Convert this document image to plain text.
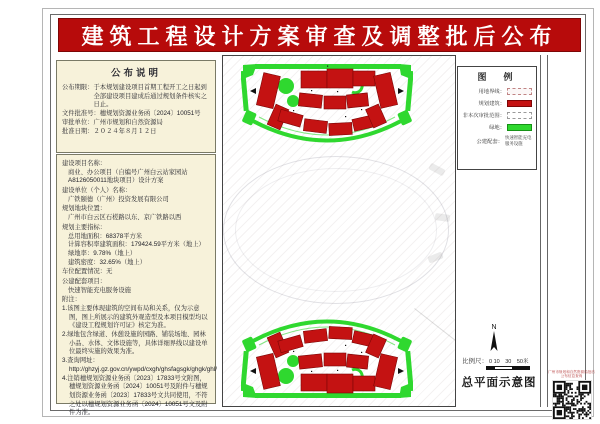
建筑工程设计方案审查及调整批后公布
公布说明
公布期限： 于本规划建设项目首期工程开工之日起到全部建设项目建成后通过规划条件核实之日止。
文件批准号： 穗规划资源业务函〔2024〕10051号
审批单位： 广州市规划和自然资源局
批准日期： ２０２４年８月１２日
建设项目名称：
商业、办公项目（自编号广州白云站家园站A8126050011地块项目）设计方案
建设单位（个人）名称：
广铁颐德（广州）投资发展有限公司
规划地块位置：
广州市白云区石槎路以东、京广铁路以西
规划主要指标：
总用地面积：68378平方米
计算容积率建筑面积：179424.59平方米（地上）
绿地率：9.78%（地上）
建筑密度：32.65%（地上）
车位配置情况：无
公建配套项目：
快速智能充电服务设施
附注：
1.该图主要体现建筑的空间布局和关系，仅为示意图，图上所展示的建筑外观造型及本项目模型均以《建设工程规划许可证》核定为准。
2.绿地包含绿道、休憩设施的园路、铺装场地、园林小品、水体、文体设施等，具体详细界线以建设单位最终实施的效果为准。
3.查询网址：http://ghzyj.gz.gov.cn/ywpd/cxgh/ghsfagsgk/ghgk/ghl/
4.注销穗规划资源业务函〔2023〕17833号文附图，穗规划资源业务函〔2024〕10051号及附件与穗规划资源业务函〔2023〕17833号文共同使用，不符之处以穗规划资源业务函〔2024〕10051号文及附件为准。
图　例
用地界线：
规划建筑：
非本次审批范围：
绿地：
公建配套：
快速智能充电服务设施
N
比例尺： 0 10　30　50米
总平面示意图
广州市规划和自然资源局批后公布信息查询
